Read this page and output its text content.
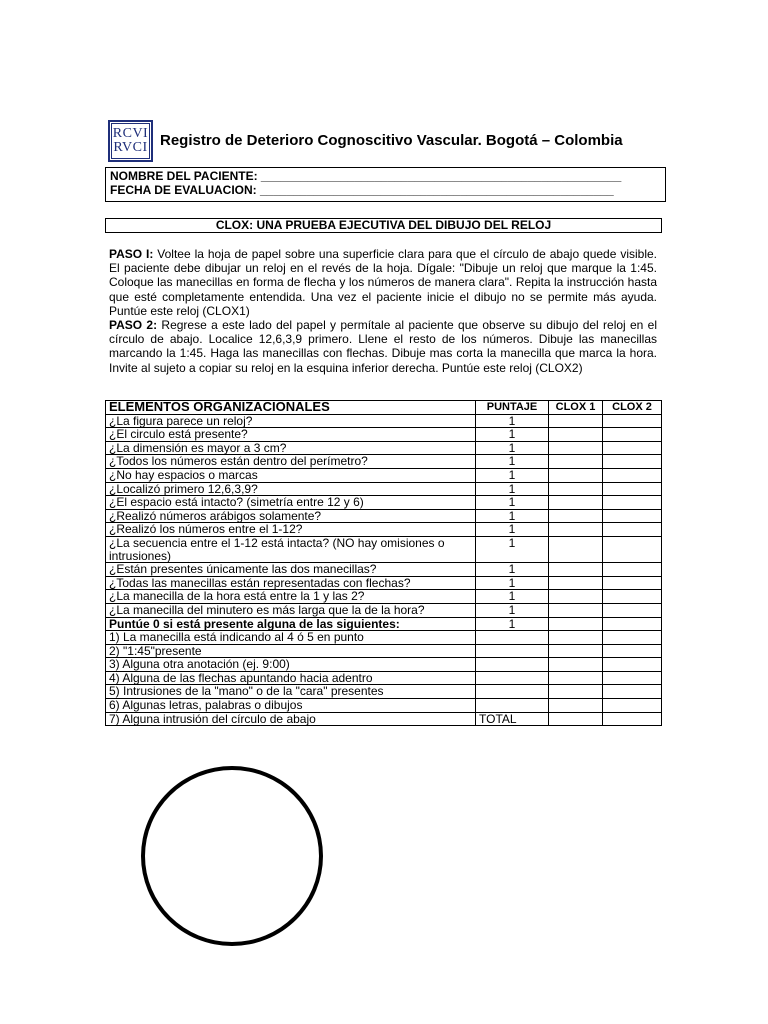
RCVI
RVCI Registro de Deterioro Cognoscitivo Vascular. Bogotá – Colombia
NOMBRE DEL PACIENTE: ______________________________________________________
FECHA DE EVALUACION: _____________________________________________________
CLOX: UNA PRUEBA EJECUTIVA DEL DIBUJO DEL RELOJ

PASO I: Voltee la hoja de papel sobre una superficie clara para que el círculo de abajo quede visible. El paciente debe dibujar un reloj en el revés de la hoja. Dígale: "Dibuje un reloj que marque la 1:45. Coloque las manecillas en forma de flecha y los números de manera clara". Repita la instrucción hasta que esté completamente entendida. Una vez el paciente inicie el dibujo no se permite más ayuda. Puntúe este reloj (CLOX1)

PASO 2: Regrese a este lado del papel y permítale al paciente que observe su dibujo del reloj en el círculo de abajo. Localice 12,6,3,9 primero. Llene el resto de los números. Dibuje las manecillas marcando la 1:45. Haga las manecillas con flechas. Dibuje mas corta la manecilla que marca la hora. Invite al sujeto a copiar su reloj en la esquina inferior derecha. Puntúe este reloj (CLOX2)

ELEMENTOS ORGANIZACIONALES	PUNTAJE	CLOX 1	CLOX 2
¿La figura parece un reloj?	1		
¿El circulo está presente?	1		
¿La dimensión es mayor a 3 cm?	1		
¿Todos los números están dentro del perímetro?	1		
¿No hay espacios o marcas	1		
¿Localizó primero 12,6,3,9?	1		
¿El espacio está intacto? (simetría entre 12 y 6)	1		
¿Realizó números arábigos solamente?	1		
¿Realizó los números entre el 1-12?	1		
¿La secuencia entre el 1-12 está intacta? (NO hay omisiones o intrusiones)	1		
¿Están presentes únicamente las dos manecillas?	1		
¿Todas las manecillas están representadas con flechas?	1		
¿La manecilla de la hora está entre la 1 y las 2?	1		
¿La manecilla del minutero es más larga que la de la hora?	1		
Puntúe 0 si está presente alguna de las siguientes:	1		
1) La manecilla está indicando al 4 ó 5 en punto			
2) "1:45"presente			
3) Alguna otra anotación (ej. 9:00)			
4) Alguna de las flechas apuntando hacia adentro			
5) Intrusiones de la "mano" o de la "cara" presentes			
6) Algunas letras, palabras o dibujos			
7) Alguna intrusión del círculo de abajo	TOTAL		
